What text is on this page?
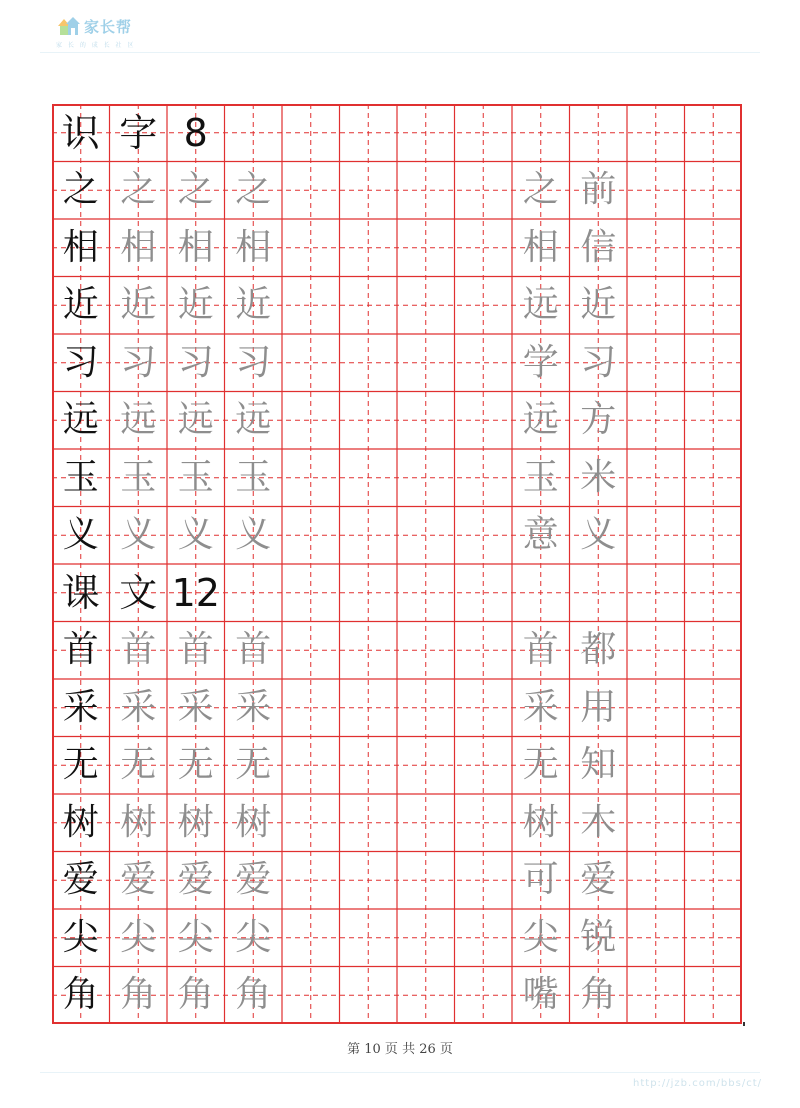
家长帮
家 长 的 成 长 社 区
识 字 8
之 之 之 之	之 前
相 相 相 相	相 信
近 近 近 近	远 近
习 习 习 习	学 习
远 远 远 远	远 方
玉 玉 玉 玉	玉 米
义 义 义 义	意 义
课 文 12
首 首 首 首	首 都
采 采 采 采	采 用
无 无 无 无	无 知
树 树 树 树	树 木
爱 爱 爱 爱	可 爱
尖 尖 尖 尖	尖 锐
角 角 角 角	嘴 角
第 10 页 共 26 页
http://jzb.com/bbs/ct/
